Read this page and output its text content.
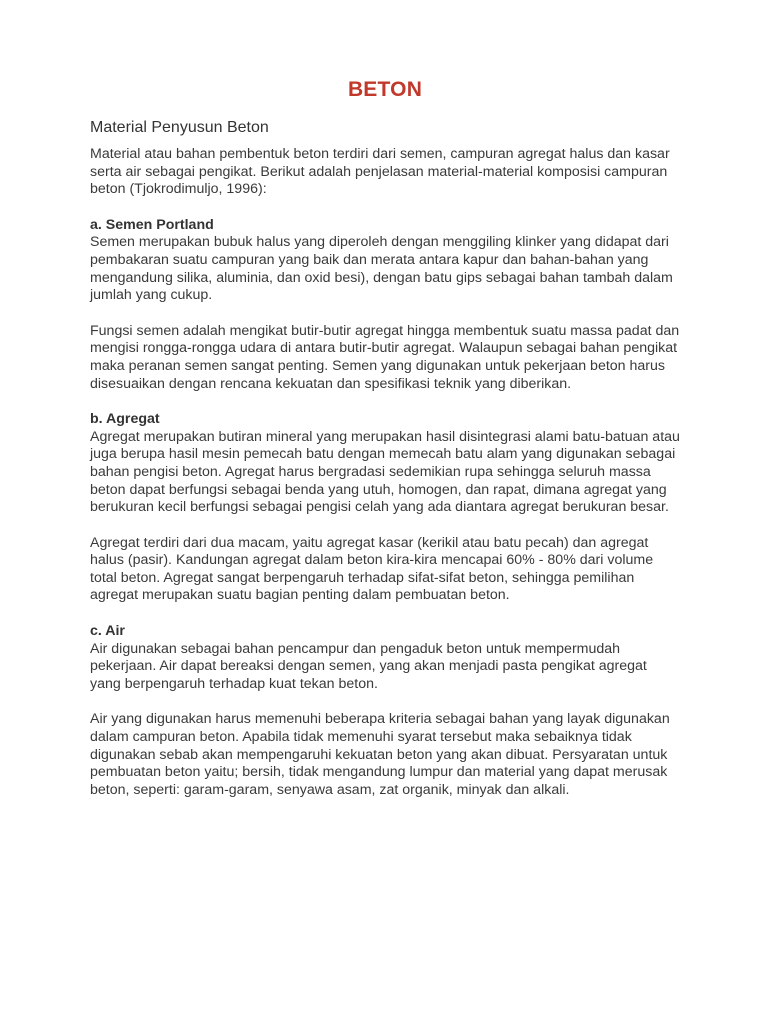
BETON
Material Penyusun Beton

Material atau bahan pembentuk beton terdiri dari semen, campuran agregat halus dan kasar serta air sebagai pengikat. Berikut adalah penjelasan material-material komposisi campuran beton (Tjokrodimuljo, 1996):

a. Semen Portland

Semen merupakan bubuk halus yang diperoleh dengan menggiling klinker yang didapat dari pembakaran suatu campuran yang baik dan merata antara kapur dan bahan-bahan yang mengandung silika, aluminia, dan oxid besi), dengan batu gips sebagai bahan tambah dalam jumlah yang cukup.

Fungsi semen adalah mengikat butir-butir agregat hingga membentuk suatu massa padat dan mengisi rongga-rongga udara di antara butir-butir agregat. Walaupun sebagai bahan pengikat maka peranan semen sangat penting. Semen yang digunakan untuk pekerjaan beton harus disesuaikan dengan rencana kekuatan dan spesifikasi teknik yang diberikan.

b. Agregat

Agregat merupakan butiran mineral yang merupakan hasil disintegrasi alami batu-batuan atau juga berupa hasil mesin pemecah batu dengan memecah batu alam yang digunakan sebagai bahan pengisi beton. Agregat harus bergradasi sedemikian rupa sehingga seluruh massa beton dapat berfungsi sebagai benda yang utuh, homogen, dan rapat, dimana agregat yang berukuran kecil berfungsi sebagai pengisi celah yang ada diantara agregat berukuran besar.

Agregat terdiri dari dua macam, yaitu agregat kasar (kerikil atau batu pecah) dan agregat halus (pasir). Kandungan agregat dalam beton kira-kira mencapai 60% - 80% dari volume total beton. Agregat sangat berpengaruh terhadap sifat-sifat beton, sehingga pemilihan agregat merupakan suatu bagian penting dalam pembuatan beton.

c. Air

Air digunakan sebagai bahan pencampur dan pengaduk beton untuk mempermudah pekerjaan. Air dapat bereaksi dengan semen, yang akan menjadi pasta pengikat agregat yang berpengaruh terhadap kuat tekan beton.

Air yang digunakan harus memenuhi beberapa kriteria sebagai bahan yang layak digunakan dalam campuran beton. Apabila tidak memenuhi syarat tersebut maka sebaiknya tidak digunakan sebab akan mempengaruhi kekuatan beton yang akan dibuat. Persyaratan untuk pembuatan beton yaitu; bersih, tidak mengandung lumpur dan material yang dapat merusak beton, seperti: garam-garam, senyawa asam, zat organik, minyak dan alkali.
